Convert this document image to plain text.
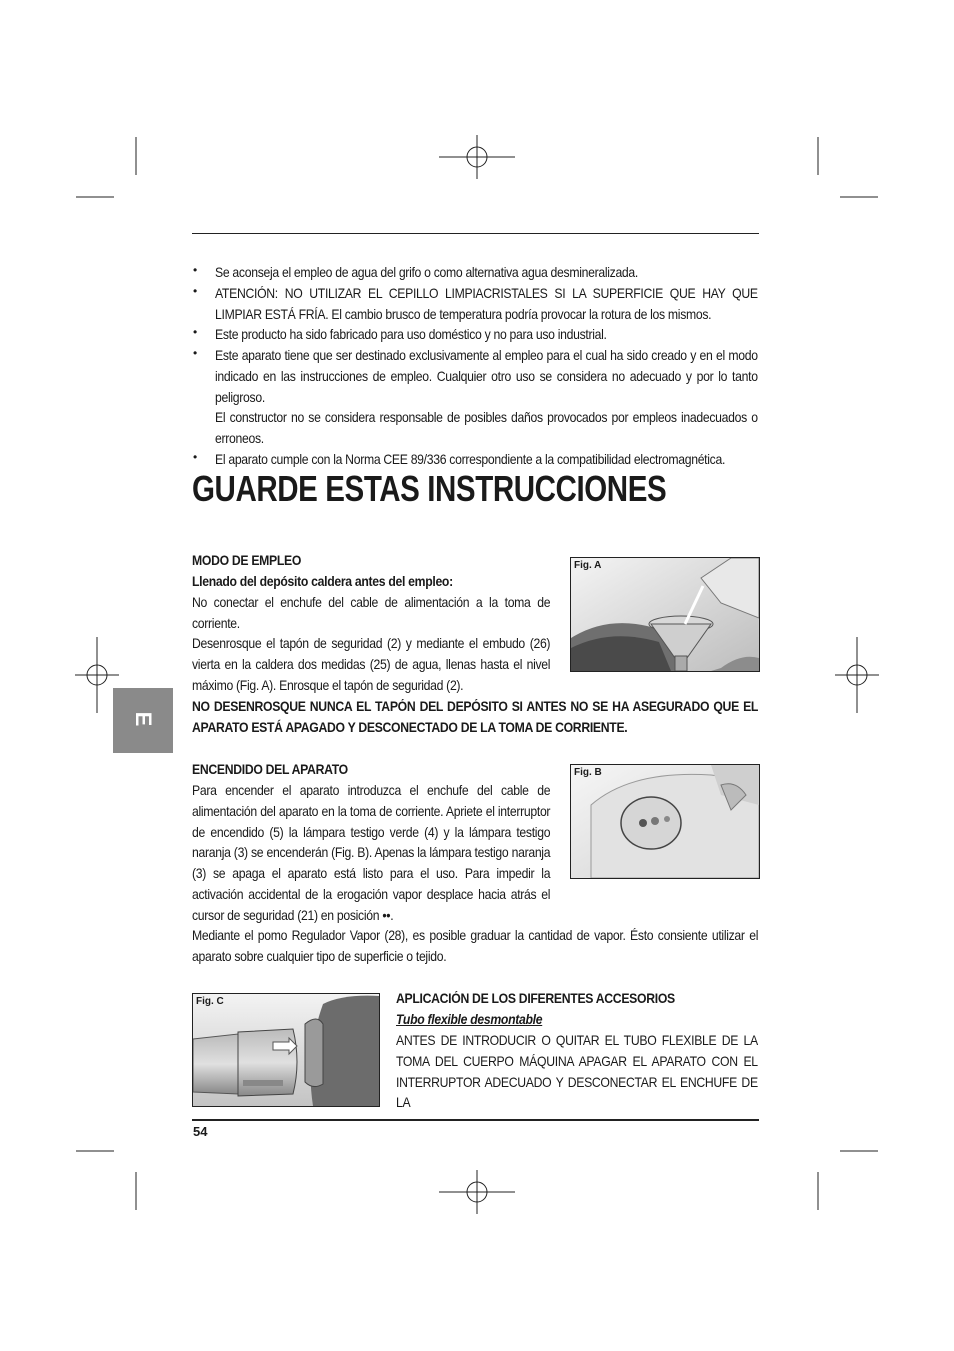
• Se aconseja el empleo de agua del grifo o como alternativa agua desmineralizada.
• ATENCIÓN: NO UTILIZAR EL CEPILLO LIMPIACRISTALES SI LA SUPERFICIE QUE HAY QUE LIMPIAR ESTÁ FRÍA. El cambio brusco de temperatura podría provocar la rotura de los mismos.
• Este producto ha sido fabricado para uso doméstico y no para uso industrial.
• Este aparato tiene que ser destinado exclusivamente al empleo para el cual ha sido creado y en el modo indicado en las instrucciones de empleo. Cualquier otro uso se considera no adecuado y por lo tanto peligroso.
El constructor no se considera responsable de posibles daños provocados por empleos inadecuados o erroneos.
• El aparato cumple con la Norma CEE 89/336 correspondiente a la compatibilidad electromagnética.
GUARDE ESTAS INSTRUCCIONES
MODO DE EMPLEO
Llenado del depósito caldera antes del empleo:
No conectar el enchufe del cable de alimentación a la toma de corriente.
Desenrosque el tapón de seguridad (2) y mediante el embudo (26) vierta en la caldera dos medidas (25) de agua, llenas hasta el nivel máximo (Fig. A). Enrosque el tapón de seguridad (2).
NO DESENROSQUE NUNCA EL TAPÓN DEL DEPÓSITO SI ANTES NO SE HA ASEGURADO QUE EL APARATO ESTÁ APAGADO Y DESCONECTADO DE LA TOMA DE CORRIENTE.
Fig. A
E
ENCENDIDO DEL APARATO
Para encender el aparato introduzca el enchufe del cable de alimentación del aparato en la toma de corriente. Apriete el interruptor de encendido (5) la lámpara testigo verde (4) y la lámpara testigo naranja (3) se encenderán (Fig. B). Apenas la lámpara testigo naranja (3) se apaga el aparato está listo para el uso. Para impedir la activación accidental de la erogación vapor desplace hacia atrás el cursor de seguridad (21) en posición ••.
Mediante el pomo Regulador Vapor (28), es posible graduar la cantidad de vapor. Ésto consiente utilizar el aparato sobre cualquier tipo de superficie o tejido.
Fig. B
Fig. C	APLICACIÓN DE LOS DIFERENTES ACCESORIOS
Tubo flexible desmontable
ANTES DE INTRODUCIR O QUITAR EL TUBO FLEXIBLE DE LA TOMA DEL CUERPO MÁQUINA APAGAR EL APARATO CON EL INTERRUPTOR ADECUADO Y DESCONECTAR EL ENCHUFE DE LA
54
